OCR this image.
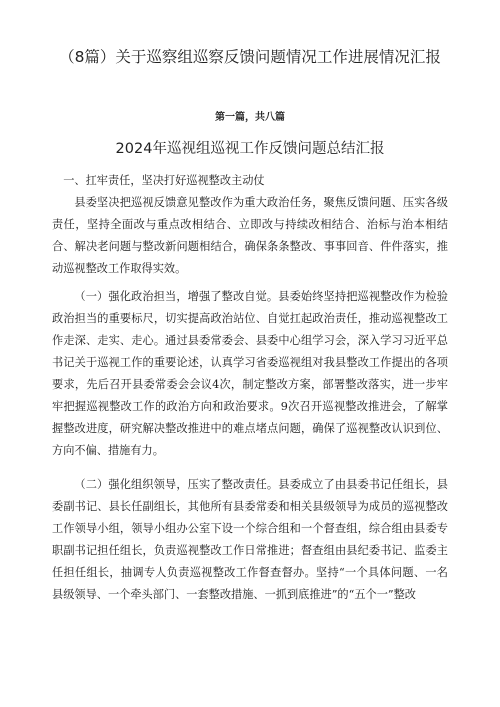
（8篇）关于巡察组巡察反馈问题情况工作进展情况汇报
第一篇，共八篇
2024年巡视组巡视工作反馈问题总结汇报

一、扛牢责任，坚决打好巡视整改主动仗

县委坚决把巡视反馈意见整改作为重大政治任务，聚焦反馈问题、压实各级责任，坚持全面改与重点改相结合、立即改与持续改相结合、治标与治本相结合、解决老问题与整改新问题相结合，确保条条整改、事事回音、件件落实，推动巡视整改工作取得实效。

（一）强化政治担当，增强了整改自觉。县委始终坚持把巡视整改作为检验政治担当的重要标尺，切实提高政治站位、自觉扛起政治责任，推动巡视整改工作走深、走实、走心。通过县委常委会、县委中心组学习会，深入学习习近平总书记关于巡视工作的重要论述，认真学习省委巡视组对我县整改工作提出的各项要求，先后召开县委常委会会议4次，制定整改方案，部署整改落实，进一步牢牢把握巡视整改工作的政治方向和政治要求。9次召开巡视整改推进会，了解掌握整改进度，研究解决整改推进中的难点堵点问题，确保了巡视整改认识到位、方向不偏、措施有力。

（二）强化组织领导，压实了整改责任。县委成立了由县委书记任组长，县委副书记、县长任副组长，其他所有县委常委和相关县级领导为成员的巡视整改工作领导小组，领导小组办公室下设一个综合组和一个督查组，综合组由县委专职副书记担任组长，负责巡视整改工作日常推进；督查组由县纪委书记、监委主任担任组长，抽调专人负责巡视整改工作督查督办。坚持“一个具体问题、一名县级领导、一个牵头部门、一套整改措施、一抓到底推进”的“五个一”整改
